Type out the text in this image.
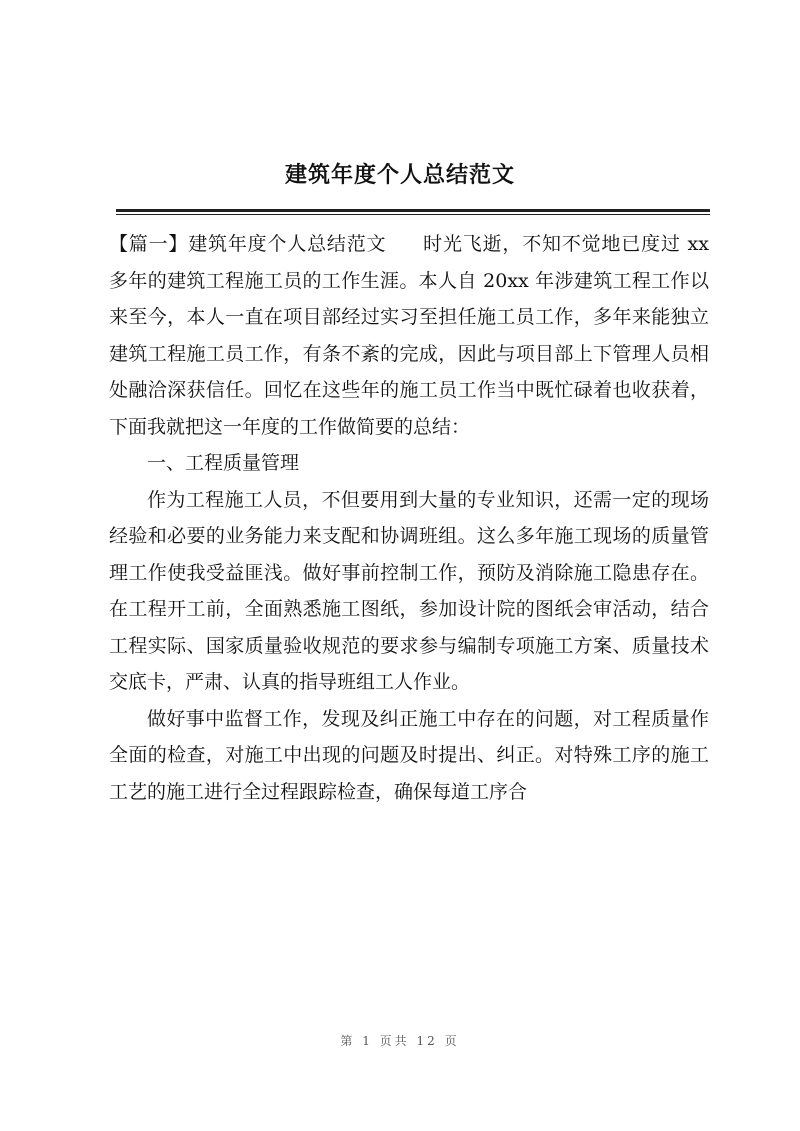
建筑年度个人总结范文

【篇一】建筑年度个人总结范文 时光飞逝，不知不觉地已度过 xx 多年的建筑工程施工员的工作生涯。本人自 20xx 年涉建筑工程工作以来至今，本人一直在项目部经过实习至担任施工员工作，多年来能独立建筑工程施工员工作，有条不紊的完成，因此与项目部上下管理人员相处融洽深获信任。回忆在这些年的施工员工作当中既忙碌着也收获着，下面我就把这一年度的工作做简要的总结：

一、工程质量管理

作为工程施工人员，不但要用到大量的专业知识，还需一定的现场经验和必要的业务能力来支配和协调班组。这么多年施工现场的质量管理工作使我受益匪浅。做好事前控制工作，预防及消除施工隐患存在。在工程开工前，全面熟悉施工图纸，参加设计院的图纸会审活动，结合工程实际、国家质量验收规范的要求参与编制专项施工方案、质量技术交底卡，严肃、认真的指导班组工人作业。

做好事中监督工作，发现及纠正施工中存在的问题，对工程质量作全面的检查，对施工中出现的问题及时提出、纠正。对特殊工序的施工工艺的施工进行全过程跟踪检查，确保每道工序合

第 1 页共 12 页
